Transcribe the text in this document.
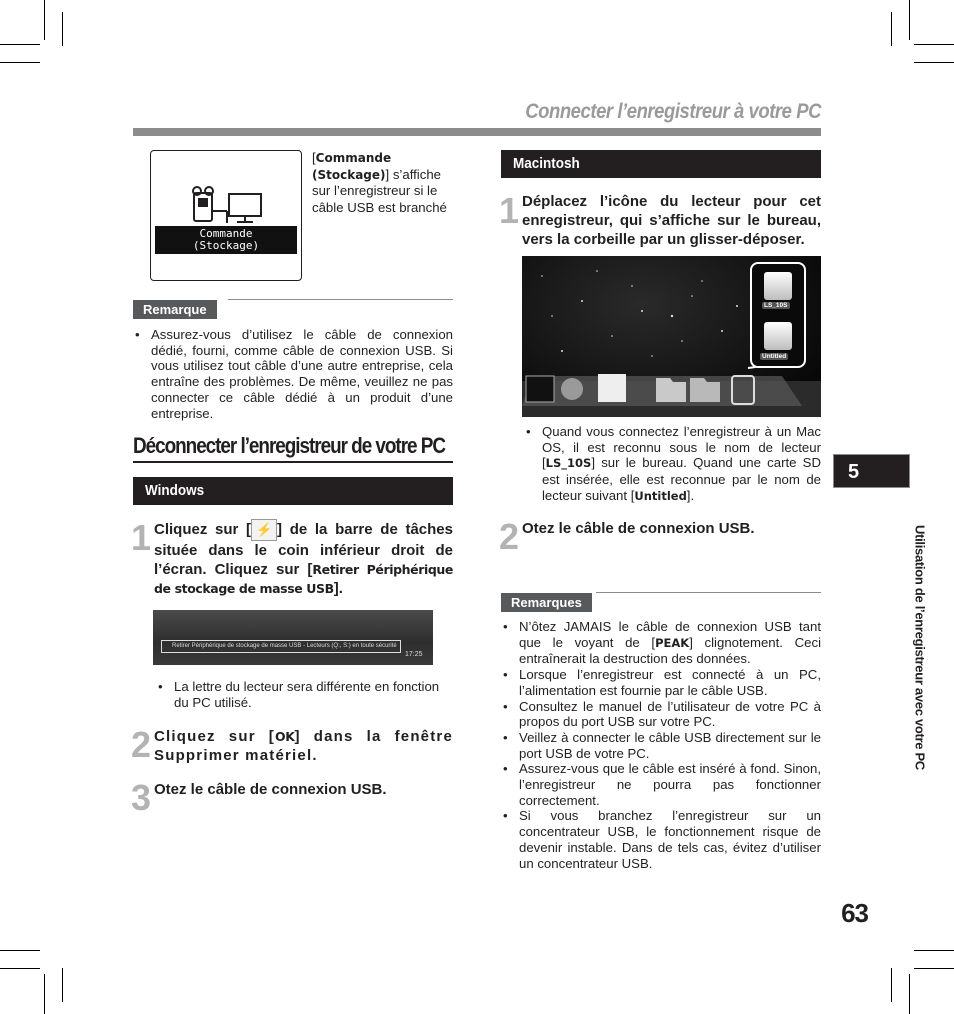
Connecter l’enregistreur à votre PC
Commande
(Stockage)
[Commande (Stockage)] s’affiche sur l’enregistreur si le câble USB est branché
Remarque
• Assurez-vous d’utilisez le câble de connexion dédié, fourni, comme câble de connexion USB. Si vous utilisez tout câble d’une autre entreprise, cela entraîne des problèmes. De même, veuillez ne pas connecter ce câble dédié à un produit d’une entreprise.
Déconnecter l’enregistreur de votre PC
Windows
1 Cliquez sur [ ⚡ ] de la barre de tâches située dans le coin inférieur droit de l’écran. Cliquez sur [Retirer Périphérique de stockage de masse USB].
Retirer Périphérique de stockage de masse USB - Lecteurs (Q:, S:) en toute sécurité
17:25
• La lettre du lecteur sera différente en fonction du PC utilisé.
2 Cliquez sur [OK] dans la fenêtre Supprimer matériel.
3 Otez le câble de connexion USB.
Macintosh
1 Déplacez l’icône du lecteur pour cet enregistreur, qui s’affiche sur le bureau, vers la corbeille par un glisser-déposer.
LS_10S
Untitled
• Quand vous connectez l’enregistreur à un Mac OS, il est reconnu sous le nom de lecteur [LS_10S] sur le bureau. Quand une carte SD est insérée, elle est reconnue par le nom de lecteur suivant [Untitled].
2 Otez le câble de connexion USB.
Remarques
• N’ôtez JAMAIS le câble de connexion USB tant que le voyant de [PEAK] clignotement. Ceci entraînerait la destruction des données.
• Lorsque l’enregistreur est connecté à un PC, l’alimentation est fournie par le câble USB.
• Consultez le manuel de l’utilisateur de votre PC à propos du port USB sur votre PC.
• Veillez à connecter le câble USB directement sur le port USB de votre PC.
• Assurez-vous que le câble est inséré à fond. Sinon, l’enregistreur ne pourra pas fonctionner correctement.
• Si vous branchez l’enregistreur sur un concentrateur USB, le fonctionnement risque de devenir instable. Dans de tels cas, évitez d’utiliser un concentrateur USB.
5
Utilisation de l’enregistreur avec votre PC
63
